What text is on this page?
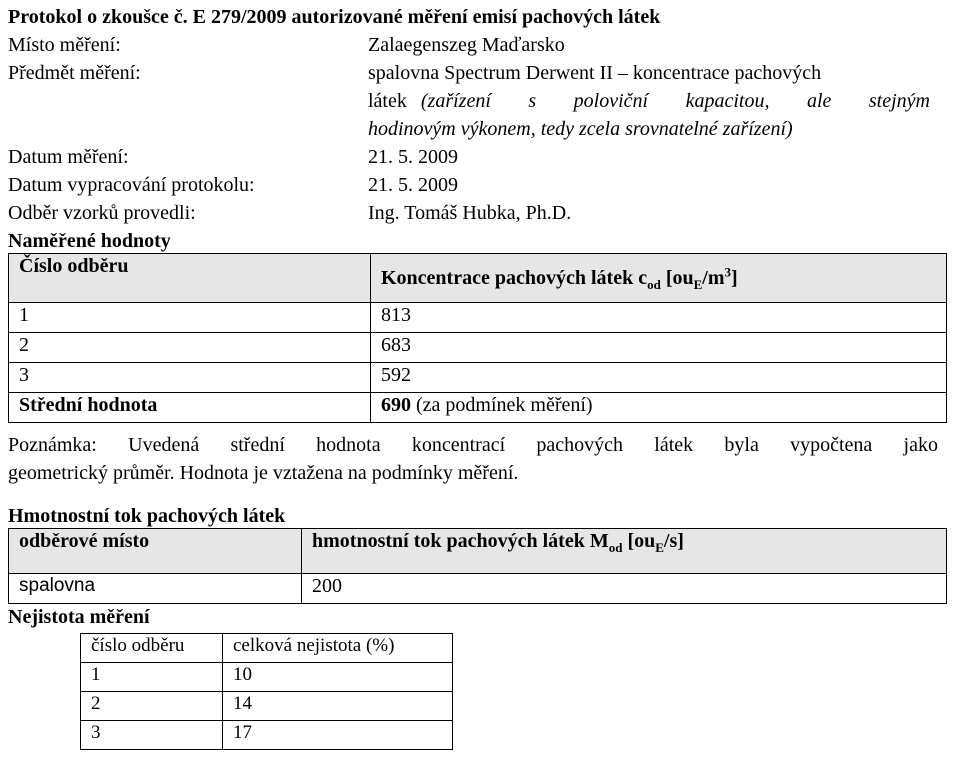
Protokol o zkoušce č. E 279/2009 autorizované měření emisí pachových látek
Místo měření:	Zalaegenszeg Maďarsko
Předmět měření:	spalovna Spectrum Derwent II – koncentrace pachových
látek (zařízení s poloviční kapacitou, ale stejným
hodinovým výkonem, tedy zcela srovnatelné zařízení)
Datum měření:	21. 5. 2009
Datum vypracování protokolu:	21. 5. 2009
Odběr vzorků provedli:	Ing. Tomáš Hubka, Ph.D.
Naměřené hodnoty
Číslo odběru	Koncentrace pachových látek $c_{od}$ $[ou_E/m^3]$
1	813
2	683
3	592
Střední hodnota	690 (za podmínek měření)
Poznámka: Uvedená střední hodnota koncentrací pachových látek byla vypočtena jako
geometrický průměr. Hodnota je vztažena na podmínky měření.
Hmotnostní tok pachových látek
odběrové místo	hmotnostní tok pachových látek $M_{od}$ $[ou_E/s]$
spalovna	200
Nejistota měření
číslo odběru	celková nejistota (%)
1	10
2	14
3	17
